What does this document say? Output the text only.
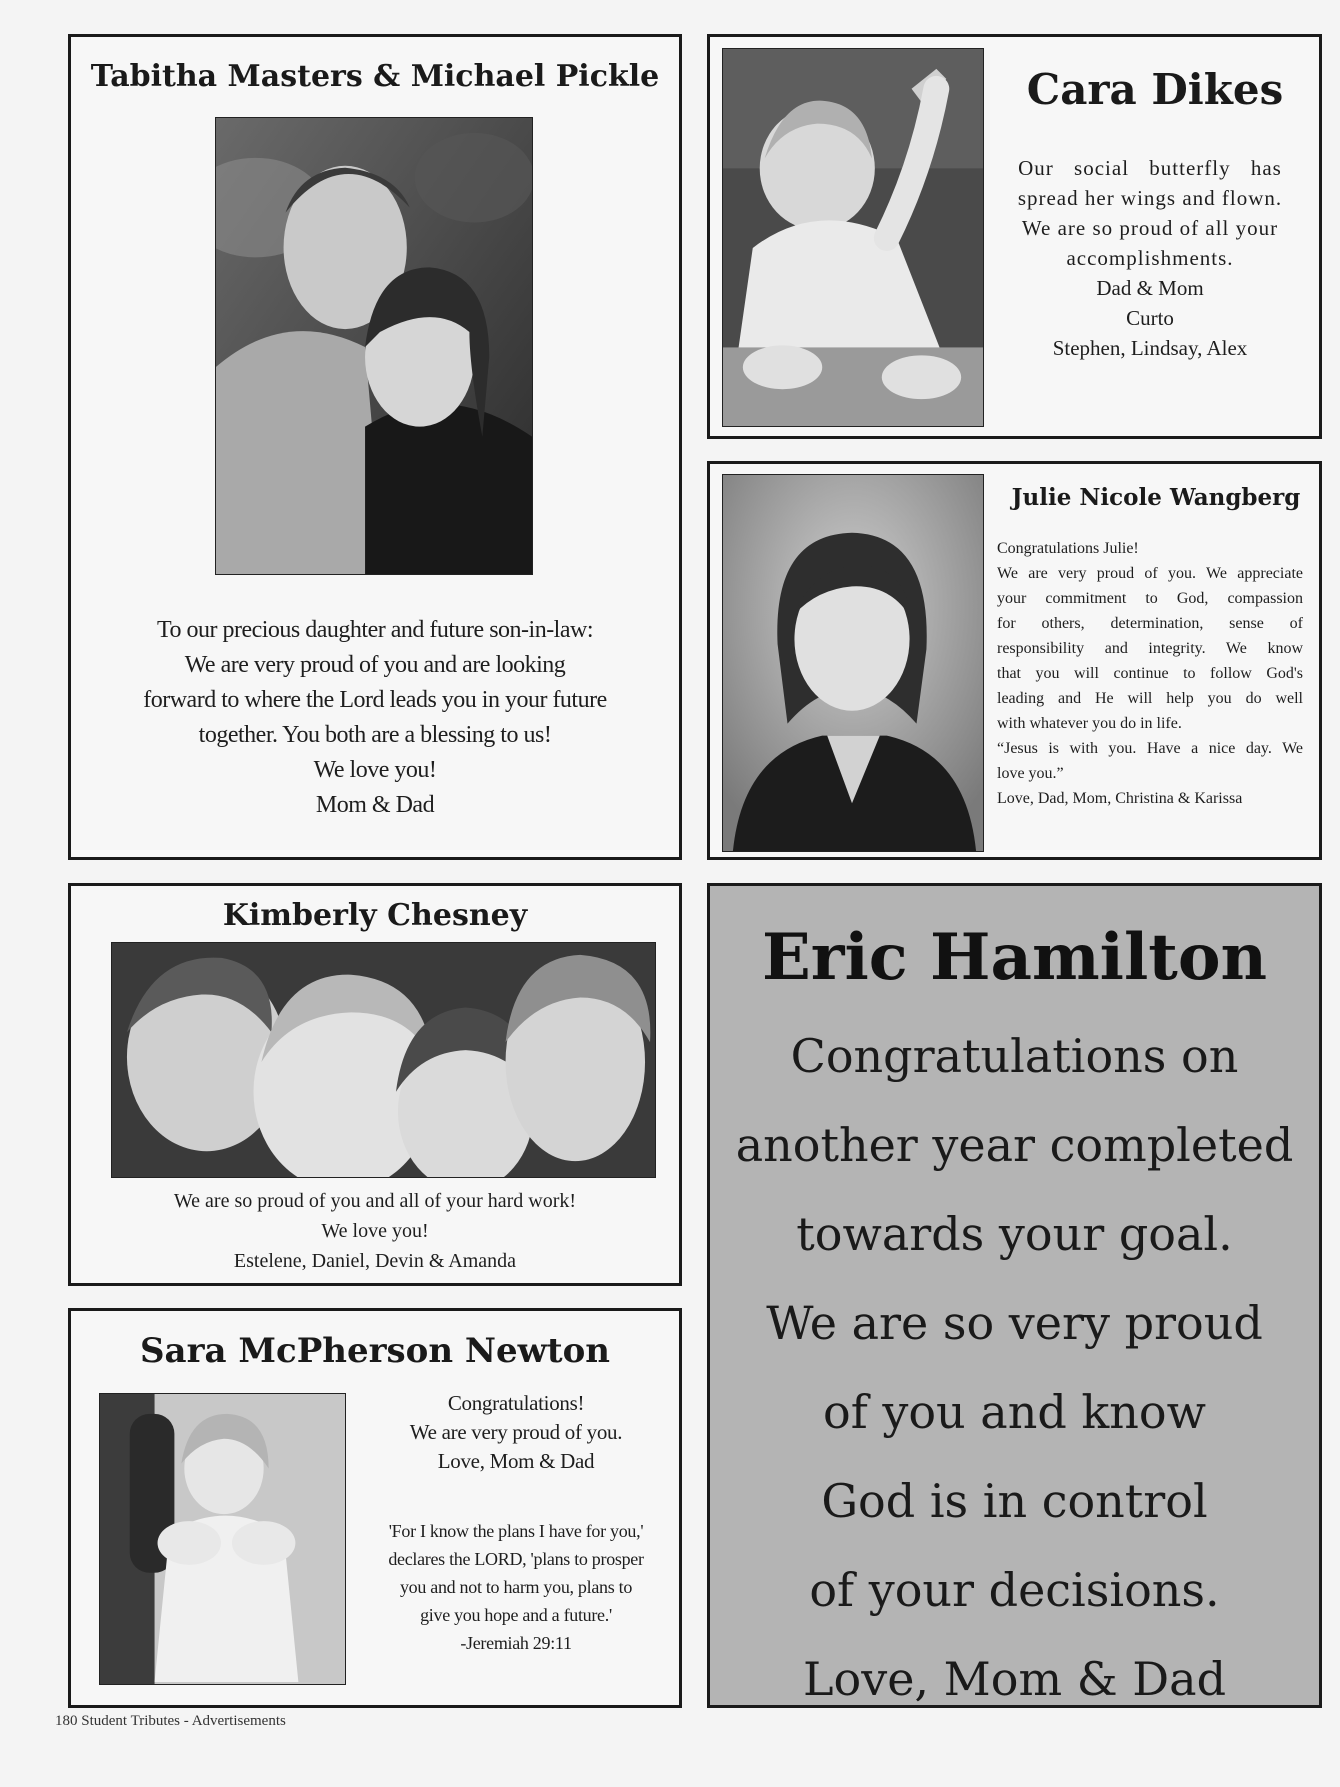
Tabitha Masters & Michael Pickle
To our precious daughter and future son-in-law:
We are very proud of you and are looking
forward to where the Lord leads you in your future
together. You both are a blessing to us!
We love you!
Mom & Dad
Cara Dikes
Our social butterfly has
spread her wings and flown.
We are so proud of all your
accomplishments.
Dad & Mom
Curto
Stephen, Lindsay, Alex
Julie Nicole Wangberg
Congratulations Julie!
We are very proud of you. We appreciate
your commitment to God, compassion
for others, determination, sense of
responsibility and integrity. We know
that you will continue to follow God's
leading and He will help you do well
with whatever you do in life.
“Jesus is with you. Have a nice day. We
love you.”
Love, Dad, Mom, Christina & Karissa
Kimberly Chesney
We are so proud of you and all of your hard work!
We love you!
Estelene, Daniel, Devin & Amanda
Sara McPherson Newton
Congratulations!
We are very proud of you.
Love, Mom & Dad
'For I know the plans I have for you,'
declares the LORD, 'plans to prosper
you and not to harm you, plans to
give you hope and a future.'
-Jeremiah 29:11
Eric Hamilton
Congratulations on
another year completed
towards your goal.
We are so very proud
of you and know
God is in control
of your decisions.
Love, Mom & Dad
180 Student Tributes - Advertisements
